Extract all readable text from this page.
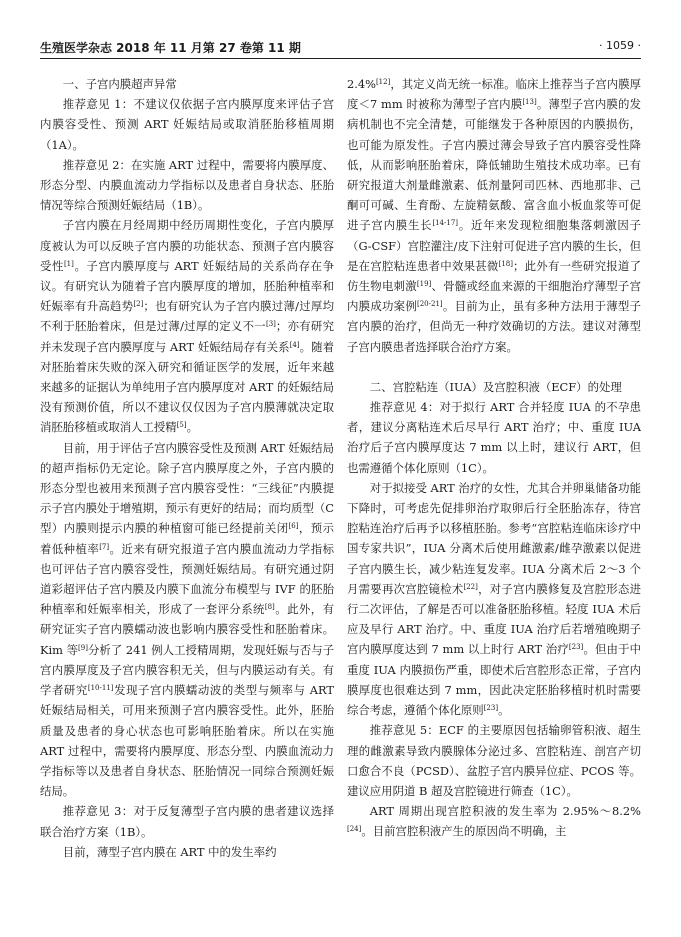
生殖医学杂志 2018 年 11 月第 27 卷第 11 期	· 1059 ·
一、子宫内膜超声异常

推荐意见 1：不建议仅依据子宫内膜厚度来评估子宫内膜容受性、预测 ART 妊娠结局或取消胚胎移植周期（1A）。

推荐意见 2：在实施 ART 过程中，需要将内膜厚度、形态分型、内膜血流动力学指标以及患者自身状态、胚胎情况等综合预测妊娠结局（1B）。

子宫内膜在月经周期中经历周期性变化，子宫内膜厚度被认为可以反映子宫内膜的功能状态、预测子宫内膜容受性[1]。子宫内膜厚度与 ART 妊娠结局的关系尚存在争议。有研究认为随着子宫内膜厚度的增加，胚胎种植率和妊娠率有升高趋势[2]；也有研究认为子宫内膜过薄/过厚均不利于胚胎着床，但是过薄/过厚的定义不一[3]；亦有研究并未发现子宫内膜厚度与 ART 妊娠结局存有关系[4]。随着对胚胎着床失败的深入研究和循证医学的发展，近年来越来越多的证据认为单纯用子宫内膜厚度对 ART 的妊娠结局没有预测价值，所以不建议仅仅因为子宫内膜薄就决定取消胚胎移植或取消人工授精[5]。

目前，用于评估子宫内膜容受性及预测 ART 妊娠结局的超声指标仍无定论。除子宫内膜厚度之外，子宫内膜的形态分型也被用来预测子宫内膜容受性：“三线征”内膜提示子宫内膜处于增殖期，预示有更好的结局；而均质型（C 型）内膜则提示内膜的种植窗可能已经提前关闭[6]，预示着低种植率[7]。近来有研究报道子宫内膜血流动力学指标也可评估子宫内膜容受性，预测妊娠结局。有研究通过阴道彩超评估子宫内膜及内膜下血流分布模型与 IVF 的胚胎种植率和妊娠率相关，形成了一套评分系统[8]。此外，有研究证实子宫内膜蠕动波也影响内膜容受性和胚胎着床。Kim 等[9]分析了 241 例人工授精周期，发现妊娠与否与子宫内膜厚度及子宫内膜容积无关，但与内膜运动有关。有学者研究[10-11]发现子宫内膜蠕动波的类型与频率与 ART 妊娠结局相关，可用来预测子宫内膜容受性。此外，胚胎质量及患者的身心状态也可影响胚胎着床。所以在实施 ART 过程中，需要将内膜厚度、形态分型、内膜血流动力学指标等以及患者自身状态、胚胎情况一同综合预测妊娠结局。

推荐意见 3：对于反复薄型子宫内膜的患者建议选择联合治疗方案（1B）。

目前，薄型子宫内膜在 ART 中的发生率约

2.4%[12]，其定义尚无统一标准。临床上推荐当子宫内膜厚度＜7 mm 时被称为薄型子宫内膜[13]。薄型子宫内膜的发病机制也不完全清楚，可能继发于各种原因的内膜损伤，也可能为原发性。子宫内膜过薄会导致子宫内膜容受性降低，从而影响胚胎着床，降低辅助生殖技术成功率。已有研究报道大剂量雌激素、低剂量阿司匹林、西地那非、己酮可可碱、生育酚、左旋精氨酸、富含血小板血浆等可促进子宫内膜生长[14-17]。近年来发现粒细胞集落刺激因子（G-CSF）宫腔灌注/皮下注射可促进子宫内膜的生长，但是在宫腔粘连患者中效果甚微[18]；此外有一些研究报道了仿生物电刺激[19]、骨髓或经血来源的干细胞治疗薄型子宫内膜成功案例[20-21]。目前为止，虽有多种方法用于薄型子宫内膜的治疗，但尚无一种疗效确切的方法。建议对薄型子宫内膜患者选择联合治疗方案。

二、宫腔粘连（IUA）及宫腔积液（ECF）的处理

推荐意见 4：对于拟行 ART 合并轻度 IUA 的不孕患者，建议分离粘连术后尽早行 ART 治疗；中、重度 IUA 治疗后子宫内膜厚度达 7 mm 以上时，建议行 ART，但也需遵循个体化原则（1C）。

对于拟接受 ART 治疗的女性，尤其合并卵巢储备功能下降时，可考虑先促排卵治疗取卵后行全胚胎冻存，待宫腔粘连治疗后再予以移植胚胎。参考“宫腔粘连临床诊疗中国专家共识”，IUA 分离术后使用雌激素/雌孕激素以促进子宫内膜生长，减少粘连复发率。IUA 分离术后 2～3 个月需要再次宫腔镜检术[22]，对子宫内膜修复及宫腔形态进行二次评估，了解是否可以准备胚胎移植。轻度 IUA 术后应及早行 ART 治疗。中、重度 IUA 治疗后若增殖晚期子宫内膜厚度达到 7 mm 以上时行 ART 治疗[23]。但由于中重度 IUA 内膜损伤严重，即使术后宫腔形态正常，子宫内膜厚度也很难达到 7 mm，因此决定胚胎移植时机时需要综合考虑，遵循个体化原则[23]。

推荐意见 5：ECF 的主要原因包括输卵管积液、超生理的雌激素导致内膜腺体分泌过多、宫腔粘连、剖宫产切口愈合不良（PCSD）、盆腔子宫内膜异位症、PCOS 等。建议应用阴道 B 超及宫腔镜进行筛查（1C）。

ART 周期出现宫腔积液的发生率为 2.95%～8.2%[24]。目前宫腔积液产生的原因尚不明确，主
